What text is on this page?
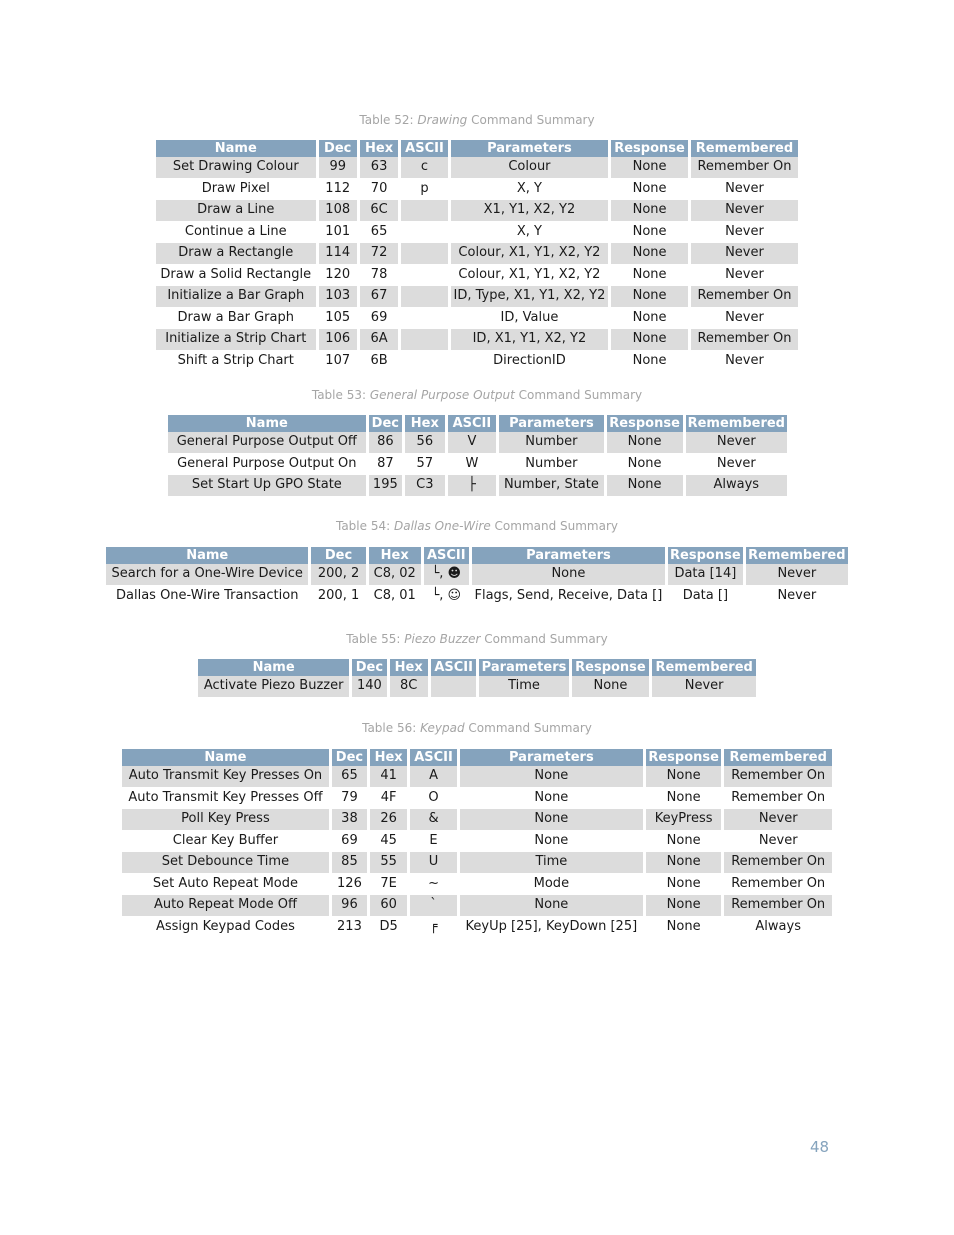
Table 52: Drawing Command Summary
Name	Dec	Hex	ASCII	Parameters	Response	Remembered
Set Drawing Colour	99	63	c	Colour	None	Remember On
Draw Pixel	112	70	p	X, Y	None	Never
Draw a Line	108	6C		X1, Y1, X2, Y2	None	Never
Continue a Line	101	65		X, Y	None	Never
Draw a Rectangle	114	72		Colour, X1, Y1, X2, Y2	None	Never
Draw a Solid Rectangle	120	78		Colour, X1, Y1, X2, Y2	None	Never
Initialize a Bar Graph	103	67		ID, Type, X1, Y1, X2, Y2	None	Remember On
Draw a Bar Graph	105	69		ID, Value	None	Never
Initialize a Strip Chart	106	6A		ID, X1, Y1, X2, Y2	None	Remember On
Shift a Strip Chart	107	6B		DirectionID	None	Never
Table 53: General Purpose Output Command Summary
Name	Dec	Hex	ASCII	Parameters	Response	Remembered
General Purpose Output Off	86	56	V	Number	None	Never
General Purpose Output On	87	57	W	Number	None	Never
Set Start Up GPO State	195	C3	├	Number, State	None	Always
Table 54: Dallas One-Wire Command Summary
Name	Dec	Hex	ASCII	Parameters	Response	Remembered
Search for a One-Wire Device	200, 2	C8, 02	└, ☻	None	Data [14]	Never
Dallas One-Wire Transaction	200, 1	C8, 01	└, ☺	Flags, Send, Receive, Data []	Data []	Never
Table 55: Piezo Buzzer Command Summary
Name	Dec	Hex	ASCII	Parameters	Response	Remembered
Activate Piezo Buzzer	140	8C		Time	None	Never
Table 56: Keypad Command Summary
Name	Dec	Hex	ASCII	Parameters	Response	Remembered
Auto Transmit Key Presses On	65	41	A	None	None	Remember On
Auto Transmit Key Presses Off	79	4F	O	None	None	Remember On
Poll Key Press	38	26	&	None	KeyPress	Never
Clear Key Buffer	69	45	E	None	None	Never
Set Debounce Time	85	55	U	Time	None	Remember On
Set Auto Repeat Mode	126	7E	~	Mode	None	Remember On
Auto Repeat Mode Off	96	60	`	None	None	Remember On
Assign Keypad Codes	213	D5	╒	KeyUp [25], KeyDown [25]	None	Always
48
